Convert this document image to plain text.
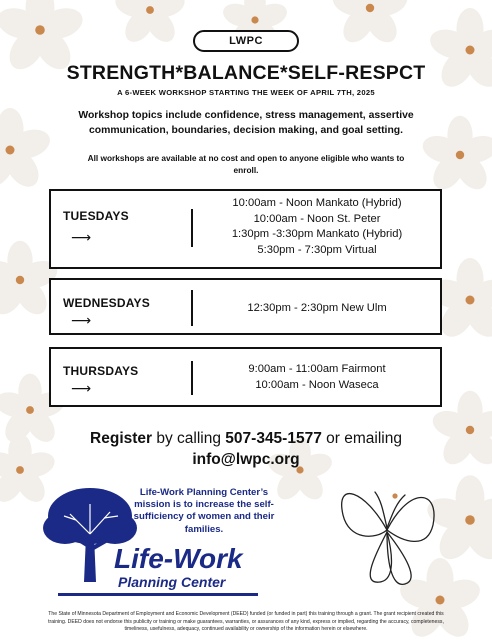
LWPC
STRENGTH*BALANCE*SELF-RESPCT
A 6-WEEK WORKSHOP STARTING THE WEEK OF APRIL 7TH, 2025
Workshop topics include confidence, stress management, assertive
communication, boundaries, decision making, and goal setting.
All workshops are available at no cost and open to anyone eligible who wants to
enroll.
TUESDAYS
⟶
10:00am - Noon Mankato (Hybrid)
10:00am - Noon St. Peter
1:30pm -3:30pm Mankato (Hybrid)
5:30pm - 7:30pm Virtual
WEDNESDAYS
⟶
12:30pm - 2:30pm New Ulm
THURSDAYS
⟶
9:00am - 11:00am Fairmont
10:00am - Noon Waseca
Register by calling 507-345-1577 or emailing
info@lwpc.org
Life-Work Planning Center’s
mission is to increase the self-
sufficiency of women and their
families.
Life-Work
Planning Center
The State of Minnesota Department of Employment and Economic Development (DEED) funded (or funded in part) this training through a grant. The grant recipient created this
training. DEED does not endorse this publicity or training or make guarantees, warranties, or assurances of any kind, express or implied, regarding the accuracy, completeness,
timeliness, usefulness, adequacy, continued availability or ownership of the information herein or elsewhere.
